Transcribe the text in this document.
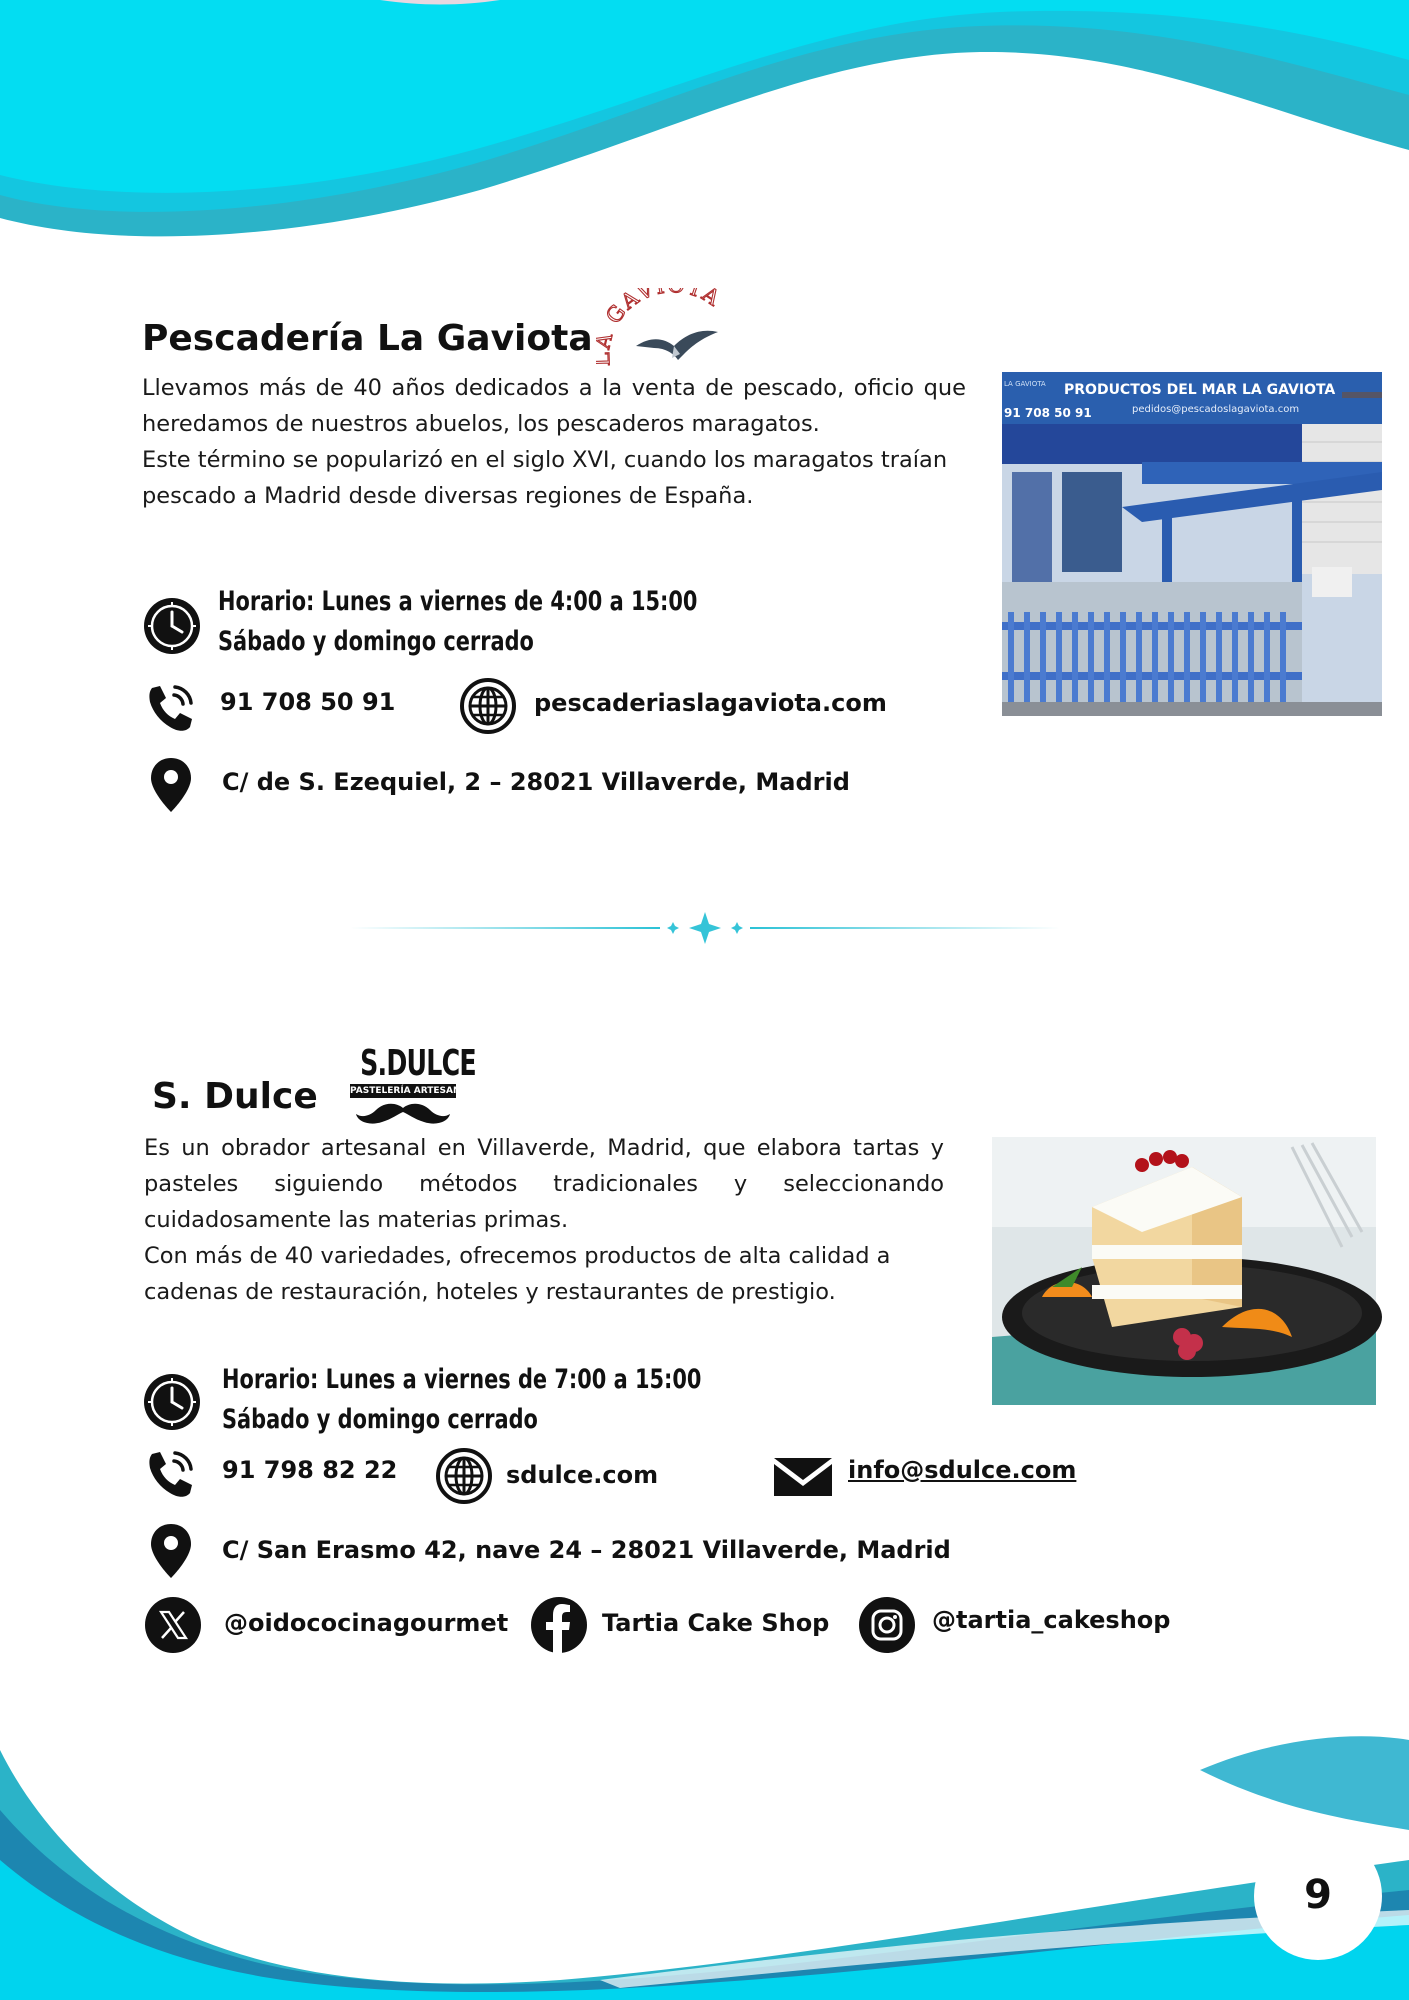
Pescadería La Gaviota
GAV TA

Llevamos más de 40 años dedicados a la venta de pescado, oficio que heredamos de nuestros abuelos, los pescaderos maragatos.

Este término se popularizó en el siglo XVI, cuando los maragatos traían pescado a Madrid desde diversas regiones de España.

PRODUCTOS DEL MAR LA GAVIOTA
91 708 50 91	pedidos@pescadoslagaviota.com
LA GAVIOTA
Horario: Lunes a viernes de 4:00 a 15:00
Sábado y domingo cerrado
91 708 50 91	pescaderiaslagaviota.com
C/ de S. Ezequiel, 2 – 28021 Villaverde, Madrid
S. Dulce
S.DULCE
PASTELERÍA ARTESANAL

Es un obrador artesanal en Villaverde, Madrid, que elabora tartas y pasteles siguiendo métodos tradicionales y seleccionando cuidadosamente las materias primas.

Con más de 40 variedades, ofrecemos productos de alta calidad a cadenas de restauración, hoteles y restaurantes de prestigio.

Horario: Lunes a viernes de 7:00 a 15:00
Sábado y domingo cerrado
91 798 82 22	sdulce.com	info@sdulce.com
C/ San Erasmo 42, nave 24 – 28021 Villaverde, Madrid
@oidococinagourmet	Tartia Cake Shop	@tartia_cakeshop
9
